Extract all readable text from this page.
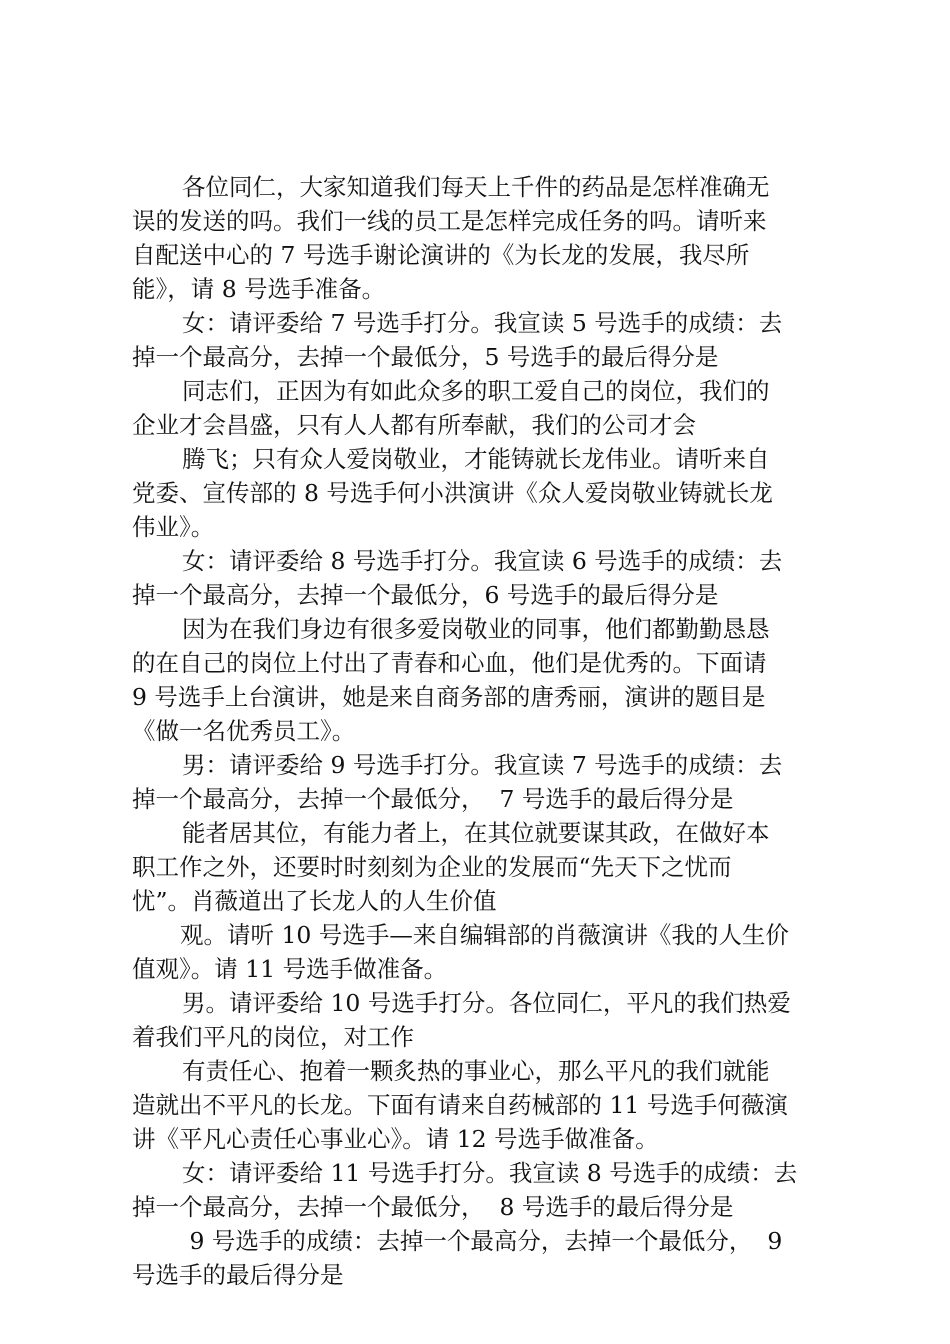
各位同仁，大家知道我们每天上千件的药品是怎样准确无
误的发送的吗。我们一线的员工是怎样完成任务的吗。请听来
自配送中心的 7 号选手谢论演讲的《为长龙的发展，我尽所
能》，请 8 号选手准备。
女：请评委给 7 号选手打分。我宣读 5 号选手的成绩：去
掉一个最高分，去掉一个最低分，5 号选手的最后得分是
同志们，正因为有如此众多的职工爱自己的岗位，我们的
企业才会昌盛，只有人人都有所奉献，我们的公司才会
腾飞；只有众人爱岗敬业，才能铸就长龙伟业。请听来自
党委、宣传部的 8 号选手何小洪演讲《众人爱岗敬业铸就长龙
伟业》。
女：请评委给 8 号选手打分。我宣读 6 号选手的成绩：去
掉一个最高分，去掉一个最低分，6 号选手的最后得分是
因为在我们身边有很多爱岗敬业的同事，他们都勤勤恳恳
的在自己的岗位上付出了青春和心血，他们是优秀的。下面请
9 号选手上台演讲，她是来自商务部的唐秀丽，演讲的题目是
《做一名优秀员工》。
男：请评委给 9 号选手打分。我宣读 7 号选手的成绩：去
掉一个最高分，去掉一个最低分，  7 号选手的最后得分是
能者居其位，有能力者上，在其位就要谋其政，在做好本
职工作之外，还要时时刻刻为企业的发展而“先天下之忧而
忧”。肖薇道出了长龙人的人生价值
观。请听 10 号选手—来自编辑部的肖薇演讲《我的人生价
值观》。请 11 号选手做准备。
男。请评委给 10 号选手打分。各位同仁，平凡的我们热爱
着我们平凡的岗位，对工作
有责任心、抱着一颗炙热的事业心，那么平凡的我们就能
造就出不平凡的长龙。下面有请来自药械部的 11 号选手何薇演
讲《平凡心责任心事业心》。请 12 号选手做准备。
女：请评委给 11 号选手打分。我宣读 8 号选手的成绩：去
掉一个最高分，去掉一个最低分，  8 号选手的最后得分是
9 号选手的成绩：去掉一个最高分，去掉一个最低分，  9
号选手的最后得分是
